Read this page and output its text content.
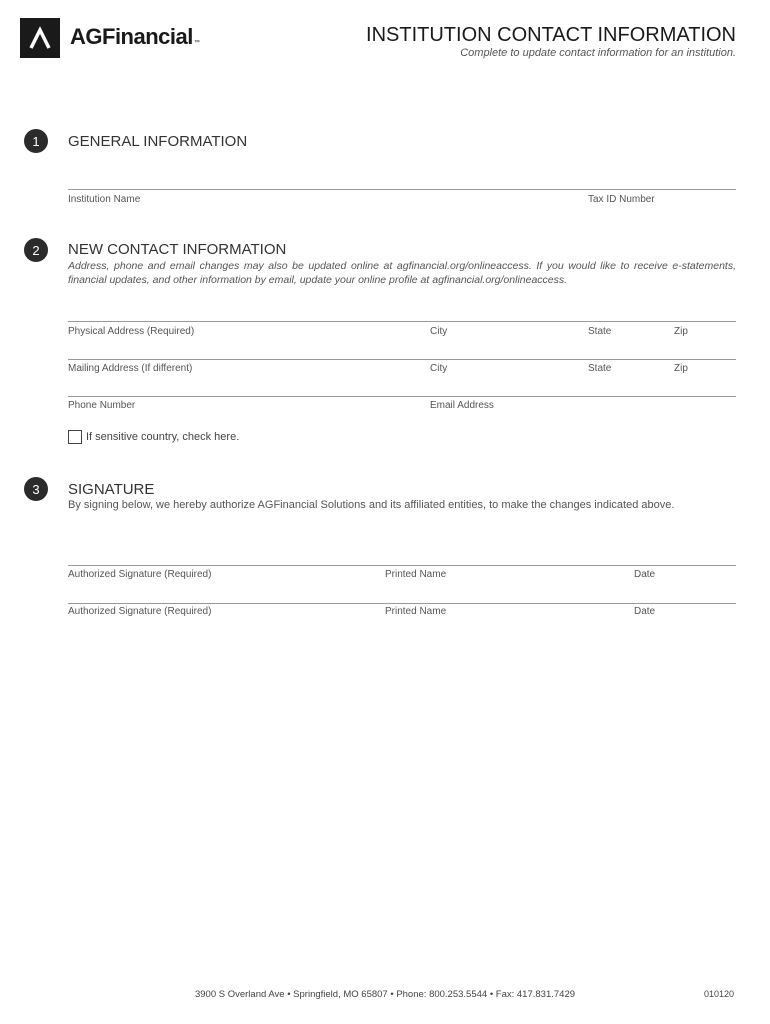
AGFinancial™	INSTITUTION CONTACT INFORMATION
Complete to update contact information for an institution.
1	GENERAL INFORMATION
Institution Name	Tax ID Number
2	NEW CONTACT INFORMATION
Address, phone and email changes may also be updated online at agfinancial.org/onlineaccess. If you would like to receive e-statements, financial updates, and other information by email, update your online profile at agfinancial.org/onlineaccess.
Physical Address (Required)	City	State	Zip
Mailing Address (If different)	City	State	Zip
Phone Number	Email Address
If sensitive country, check here.
3	SIGNATURE
By signing below, we hereby authorize AGFinancial Solutions and its affiliated entities, to make the changes indicated above.
Authorized Signature (Required)	Printed Name	Date
Authorized Signature (Required)	Printed Name	Date
3900 S Overland Ave • Springfield, MO 65807 • Phone: 800.253.5544 • Fax: 417.831.7429	010120
